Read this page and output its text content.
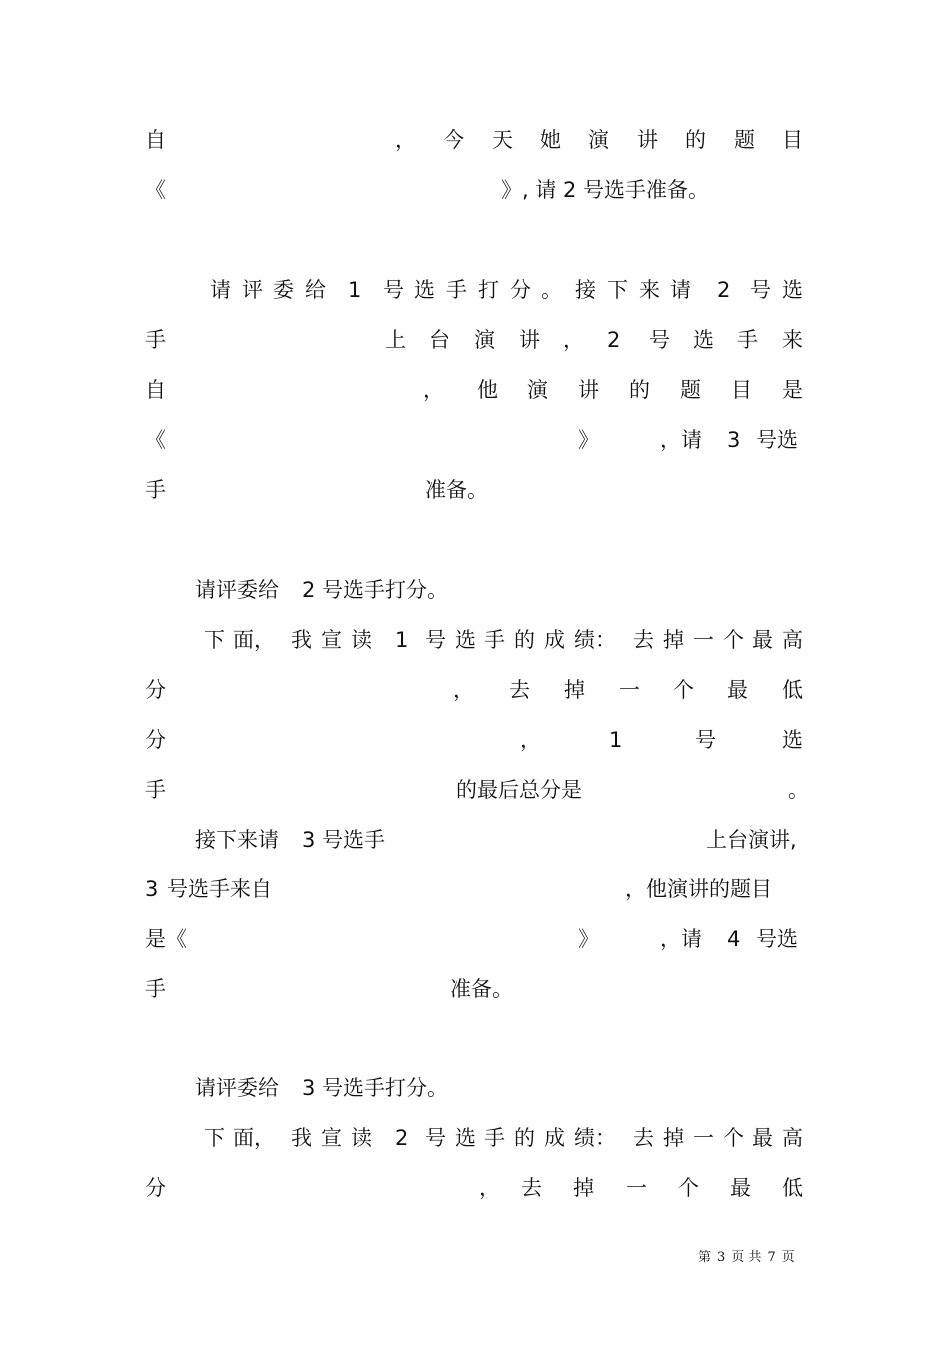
自	， 今 天 她 演 讲 的 题 目
《	》, 请 2 号选手准备。
请 评 委 给 1 号 选 手 打 分 。 接 下 来 请 2 号 选
手	上 台 演 讲 ， 2 号 选 手 来
自	， 他 演 讲 的 题 目 是
《	》	，请 3 号选
手	准备。
请评委给 2 号选手打分。
下 面， 我 宣 读 1 号 选 手 的 成 绩： 去 掉 一 个 最 高
分	， 去 掉 一 个 最 低
分	，	1	号	选
手	的最后总分是	。
接下来请 3 号选手	上台演讲,
3 号选手来自	，他演讲的题目
是《	》	，请 4 号选
手	准备。
请评委给 3 号选手打分。
下 面， 我 宣 读 2 号 选 手 的 成 绩： 去 掉 一 个 最 高
分	， 去 掉 一 个 最 低
第 3 页 共 7 页
